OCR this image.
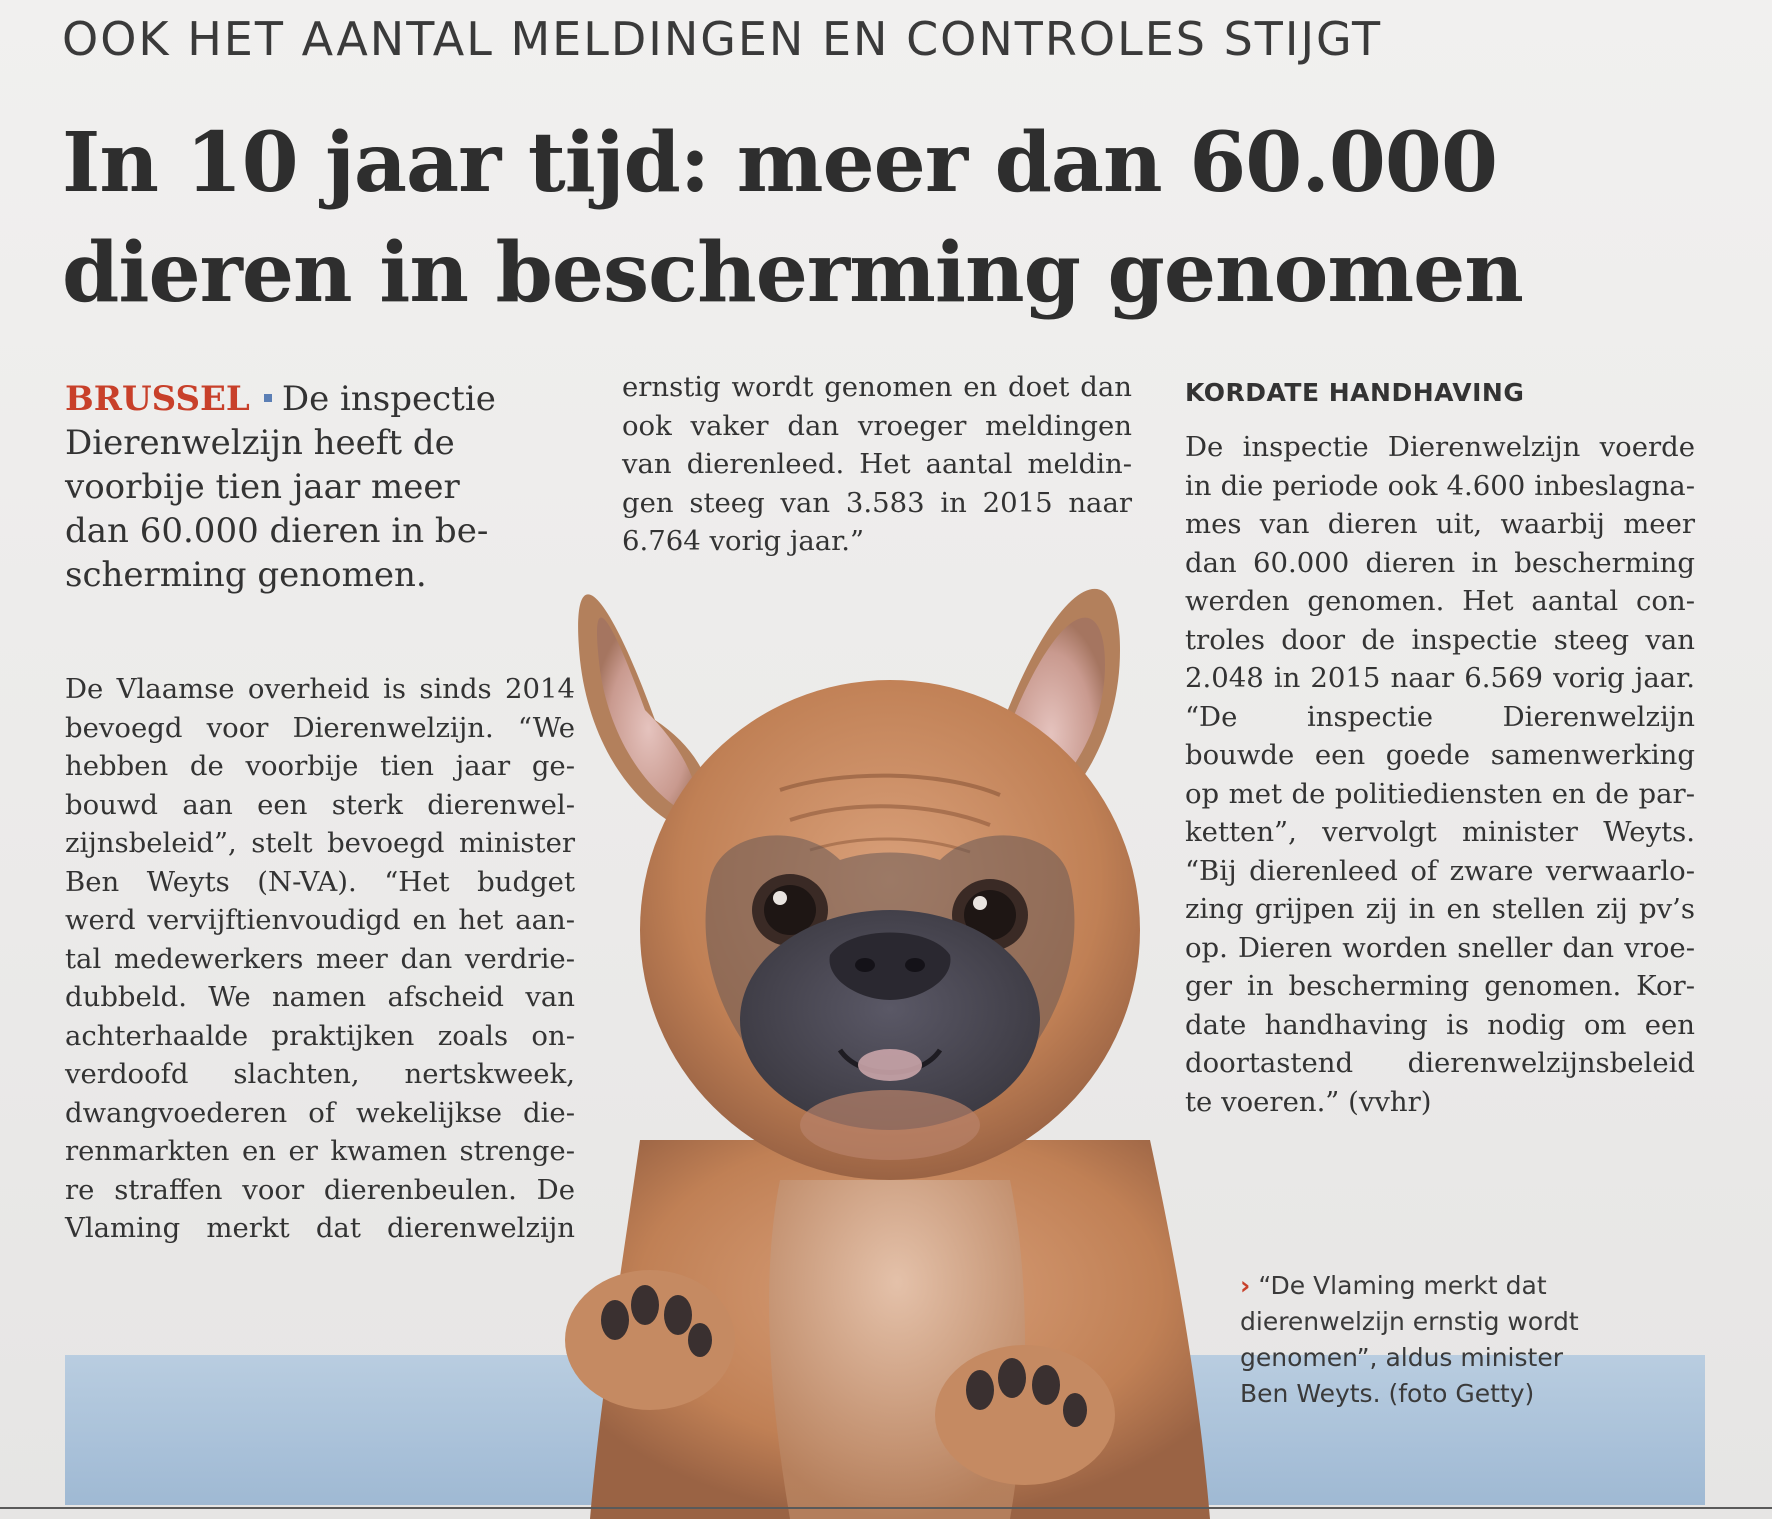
OOK HET AANTAL MELDINGEN EN CONTROLES STIJGT
In 10 jaar tijd: meer dan 60.000
dieren in bescherming genomen
BRUSSEL De inspectie
Dierenwelzijn heeft de
voorbije tien jaar meer
dan 60.000 dieren in be-
scherming genomen.
De Vlaamse overheid is sinds 2014
bevoegd voor Dierenwelzijn. “We
hebben de voorbije tien jaar ge-
bouwd aan een sterk dierenwel-
zijnsbeleid”, stelt bevoegd minister
Ben Weyts (N-VA). “Het budget
werd vervijftienvoudigd en het aan-
tal medewerkers meer dan verdrie-
dubbeld. We namen afscheid van
achterhaalde praktijken zoals on-
verdoofd slachten, nertskweek,
dwangvoederen of wekelijkse die-
renmarkten en er kwamen strenge-
re straffen voor dierenbeulen. De
Vlaming merkt dat dierenwelzijn
ernstig wordt genomen en doet dan
ook vaker dan vroeger meldingen
van dierenleed. Het aantal meldin-
gen steeg van 3.583 in 2015 naar
6.764 vorig jaar.”
KORDATE HANDHAVING
De inspectie Dierenwelzijn voerde
in die periode ook 4.600 inbeslagna-
mes van dieren uit, waarbij meer
dan 60.000 dieren in bescherming
werden genomen. Het aantal con-
troles door de inspectie steeg van
2.048 in 2015 naar 6.569 vorig jaar.
“De inspectie Dierenwelzijn
bouwde een goede samenwerking
op met de politiediensten en de par-
ketten”, vervolgt minister Weyts.
“Bij dierenleed of zware verwaarlo-
zing grijpen zij in en stellen zij pv’s
op. Dieren worden sneller dan vroe-
ger in bescherming genomen. Kor-
date handhaving is nodig om een
doortastend dierenwelzijnsbeleid
te voeren.” (vvhr)
› “De Vlaming merkt dat
dierenwelzijn ernstig wordt
genomen”, aldus minister
Ben Weyts. (foto Getty)
